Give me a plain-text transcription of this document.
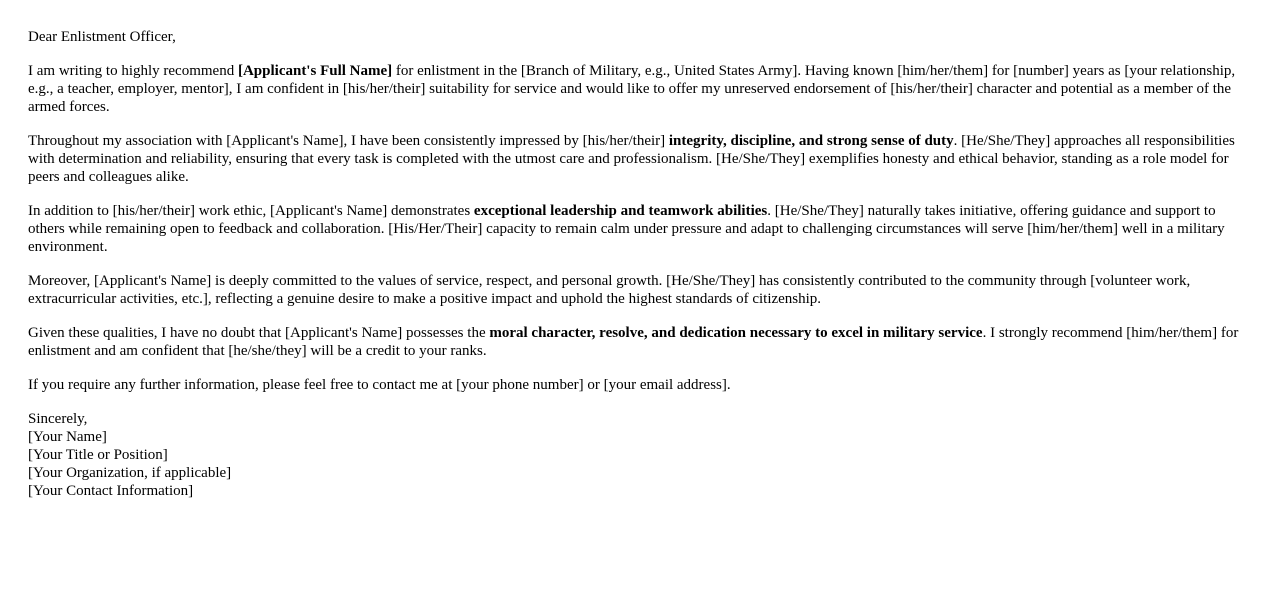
Dear Enlistment Officer,

I am writing to highly recommend [Applicant's Full Name] for enlistment in the [Branch of Military, e.g., United States Army]. Having known [him/her/them] for [number] years as [your relationship, e.g., a teacher, employer, mentor], I am confident in [his/her/their] suitability for service and would like to offer my unreserved endorsement of [his/her/their] character and potential as a member of the armed forces.

Throughout my association with [Applicant's Name], I have been consistently impressed by [his/her/their] integrity, discipline, and strong sense of duty. [He/She/They] approaches all responsibilities with determination and reliability, ensuring that every task is completed with the utmost care and professionalism. [He/She/They] exemplifies honesty and ethical behavior, standing as a role model for peers and colleagues alike.

In addition to [his/her/their] work ethic, [Applicant's Name] demonstrates exceptional leadership and teamwork abilities. [He/She/They] naturally takes initiative, offering guidance and support to others while remaining open to feedback and collaboration. [His/Her/Their] capacity to remain calm under pressure and adapt to challenging circumstances will serve [him/her/them] well in a military environment.

Moreover, [Applicant's Name] is deeply committed to the values of service, respect, and personal growth. [He/She/They] has consistently contributed to the community through [volunteer work, extracurricular activities, etc.], reflecting a genuine desire to make a positive impact and uphold the highest standards of citizenship.

Given these qualities, I have no doubt that [Applicant's Name] possesses the moral character, resolve, and dedication necessary to excel in military service. I strongly recommend [him/her/them] for enlistment and am confident that [he/she/they] will be a credit to your ranks.

If you require any further information, please feel free to contact me at [your phone number] or [your email address].

Sincerely,
[Your Name]
[Your Title or Position]
[Your Organization, if applicable]
[Your Contact Information]
